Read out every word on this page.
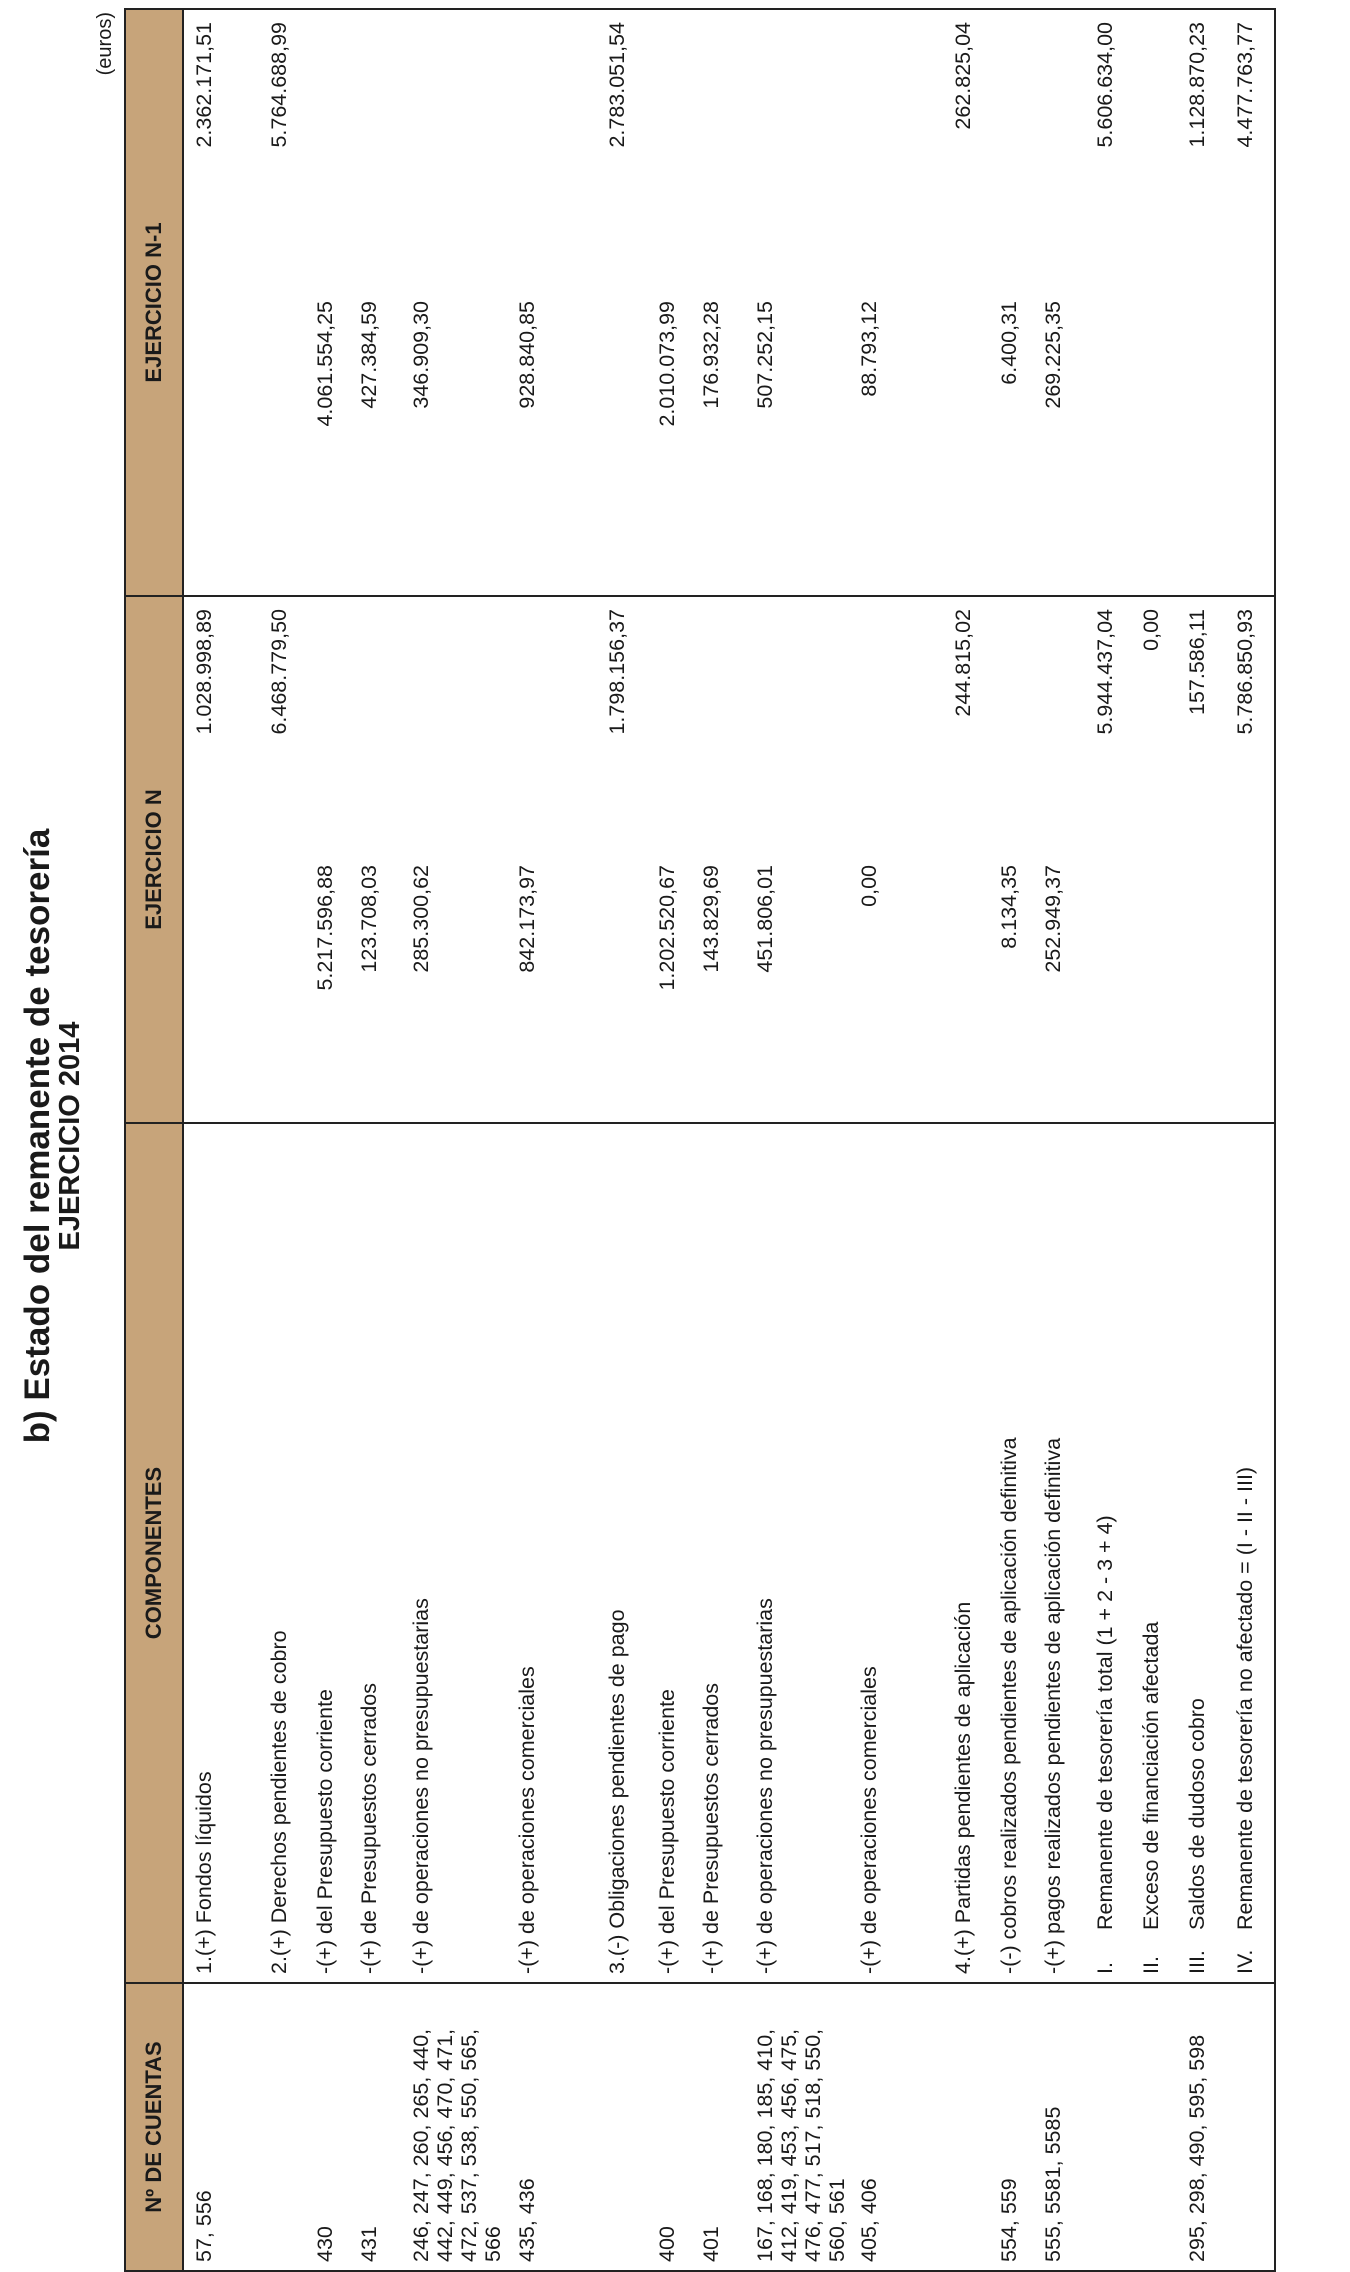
b) Estado del remanente de tesorería
EJERCICIO 2014
(euros)
Nº DE CUENTAS	COMPONENTES	EJERCICIO N		EJERCICIO N-1	
57, 556	1.(+) Fondos líquidos		1.028.998,89		2.362.171,51
	2.(+) Derechos pendientes de cobro		6.468.779,50		5.764.688,99
430	-(+) del Presupuesto corriente	5.217.596,88		4.061.554,25	
431	-(+) de Presupuestos cerrados	123.708,03		427.384,59	
246, 247, 260, 265, 440, 442, 449, 456, 470, 471, 472, 537, 538, 550, 565, 566	-(+) de operaciones no presupuestarias	285.300,62		346.909,30	
435, 436	-(+) de operaciones comerciales	842.173,97		928.840,85	
	3.(-) Obligaciones pendientes de pago		1.798.156,37		2.783.051,54
400	-(+) del Presupuesto corriente	1.202.520,67		2.010.073,99	
401	-(+) de Presupuestos cerrados	143.829,69		176.932,28	
167, 168, 180, 185, 410, 412, 419, 453, 456, 475, 476, 477, 517, 518, 550, 560, 561	-(+) de operaciones no presupuestarias	451.806,01		507.252,15	
405, 406	-(+) de operaciones comerciales	0,00		88.793,12	
	4.(+) Partidas pendientes de aplicación		244.815,02		262.825,04
554, 559	-(-) cobros realizados pendientes de aplicación definitiva	8.134,35		6.400,31	
555, 5581, 5585	-(+) pagos realizados pendientes de aplicación definitiva	252.949,37		269.225,35	
	I.Remanente de tesorería total (1 + 2 - 3 + 4)		5.944.437,04		5.606.634,00
	II.Exceso de financiación afectada		0,00		
295, 298, 490, 595, 598	III.Saldos de dudoso cobro		157.586,11		1.128.870,23
	IV.Remanente de tesorería no afectado = (I - II - III)		5.786.850,93		4.477.763,77
